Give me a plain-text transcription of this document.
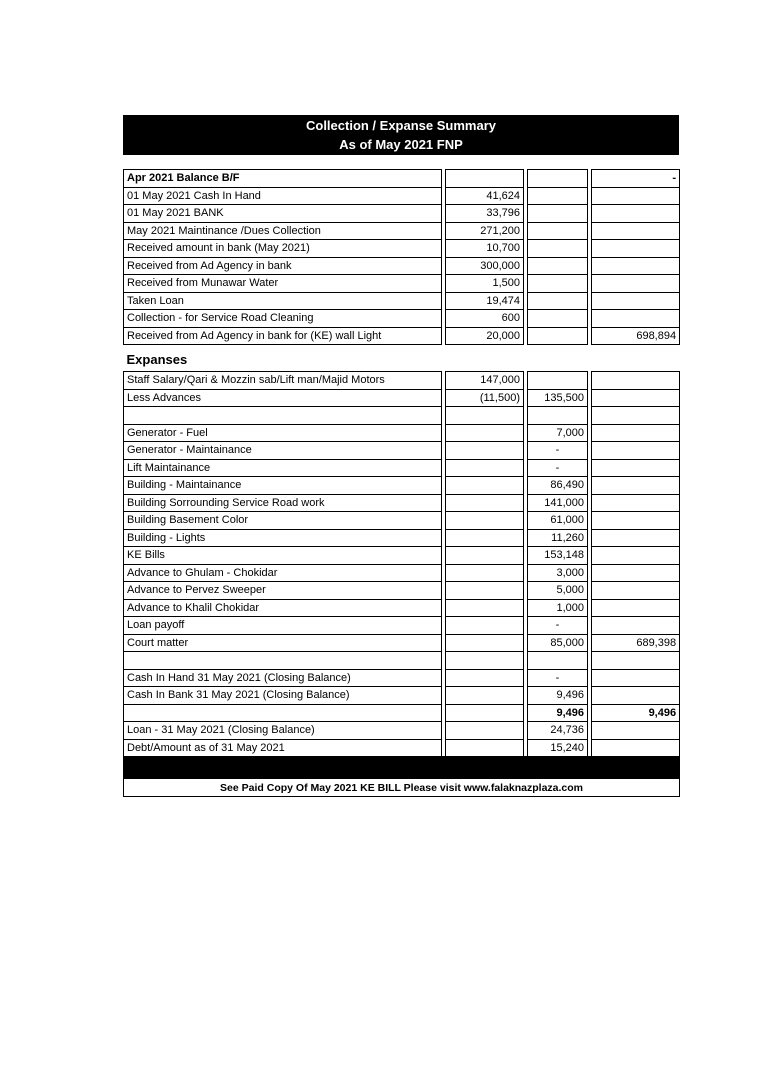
Collection / Expanse Summary
As of May 2021 FNP

Apr 2021 Balance B/F						-
01 May 2021 Cash In Hand		41,624				
01 May 2021 BANK		33,796				
May 2021 Maintinance /Dues Collection		271,200				
Received amount in bank (May 2021)		10,700				
Received from Ad Agency in bank		300,000				
Received from Munawar Water		1,500				
Taken Loan		19,474				
Collection - for Service Road Cleaning		600				
Received from Ad Agency in bank for (KE) wall Light		20,000				698,894
Expanses						
Staff Salary/Qari & Mozzin sab/Lift man/Majid Motors		147,000				
Less Advances		(11,500)		135,500		

Generator - Fuel				7,000		
Generator - Maintainance				-		
Lift Maintainance				-		
Building - Maintainance				86,490		
Building Sorrounding Service Road work				141,000		
Building Basement Color				61,000		
Building - Lights				11,260		
KE Bills				153,148		
Advance to Ghulam - Chokidar				3,000		
Advance to Pervez Sweeper				5,000		
Advance to Khalil Chokidar				1,000		
Loan payoff				-		
Court matter				85,000		689,398

Cash In Hand 31 May 2021 (Closing Balance)				-		
Cash In Bank 31 May 2021 (Closing Balance)				9,496		
				9,496		9,496
Loan - 31 May 2021 (Closing Balance)				24,736		
Debt/Amount as of 31 May 2021				15,240		

See Paid Copy Of May 2021 KE BILL Please visit www.falaknazplaza.com						
